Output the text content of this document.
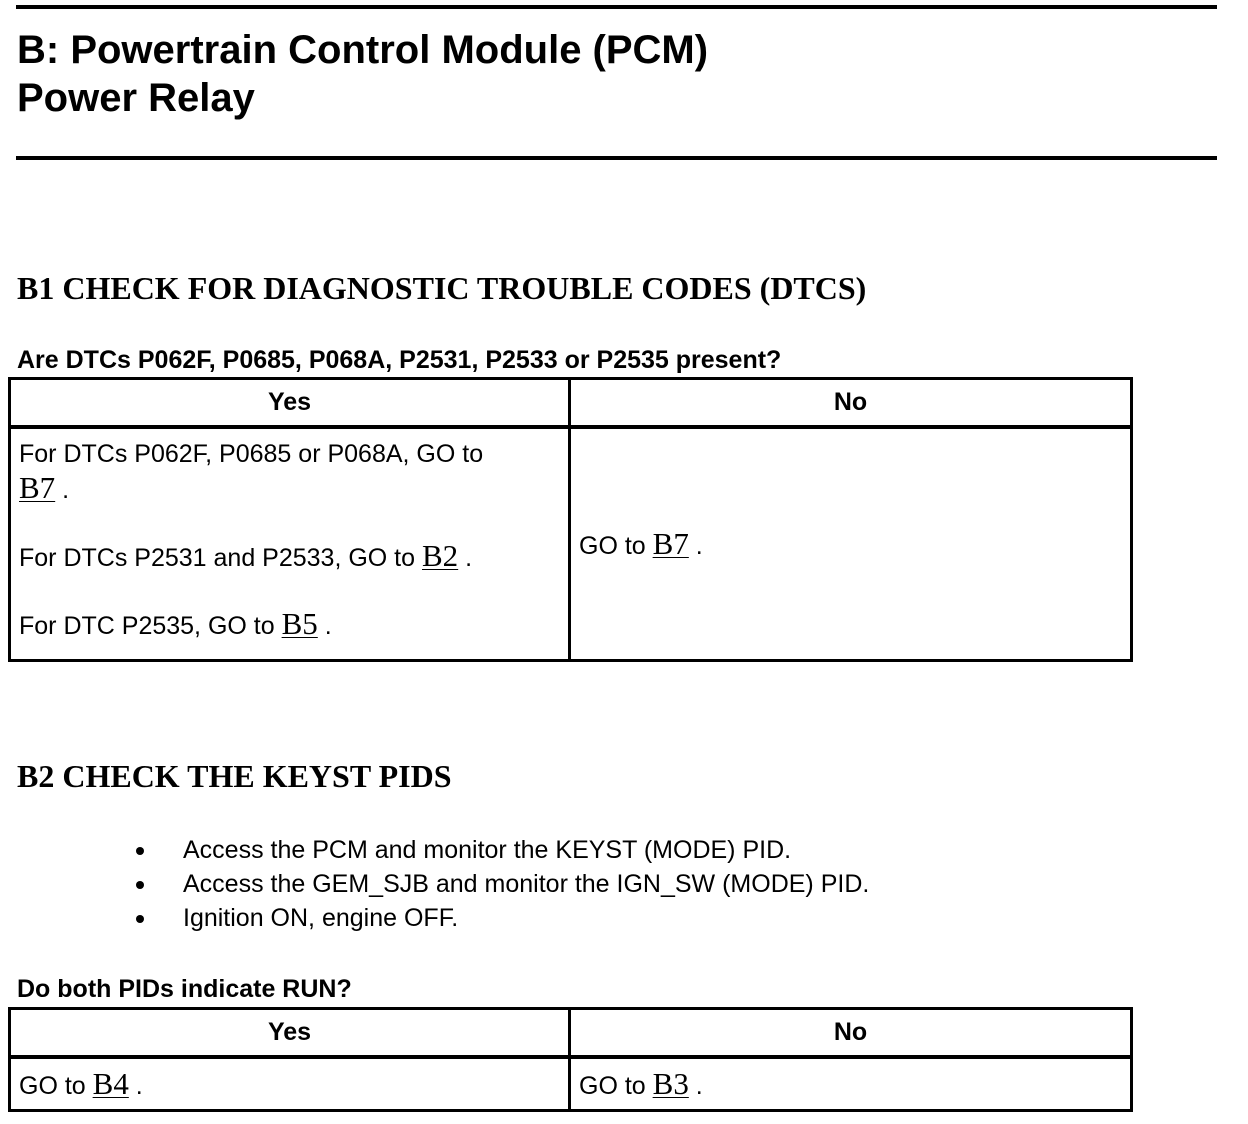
B: Powertrain Control Module (PCM)
Power Relay
B1 CHECK FOR DIAGNOSTIC TROUBLE CODES (DTCS)

Are DTCs P062F, P0685, P068A, P2531, P2533 or P2535 present?

Yes	No

For DTCs P062F, P0685 or P068A, GO to
B7 .

For DTCs P2531 and P2533, GO to B2 .

For DTC P2535, GO to B5 .	GO to B7 .
B2 CHECK THE KEYST PIDS
Access the PCM and monitor the KEYST (MODE) PID.
Access the GEM_SJB and monitor the IGN_SW (MODE) PID.
Ignition ON, engine OFF.

Do both PIDs indicate RUN?

Yes	No
GO to B4 .	GO to B3 .
